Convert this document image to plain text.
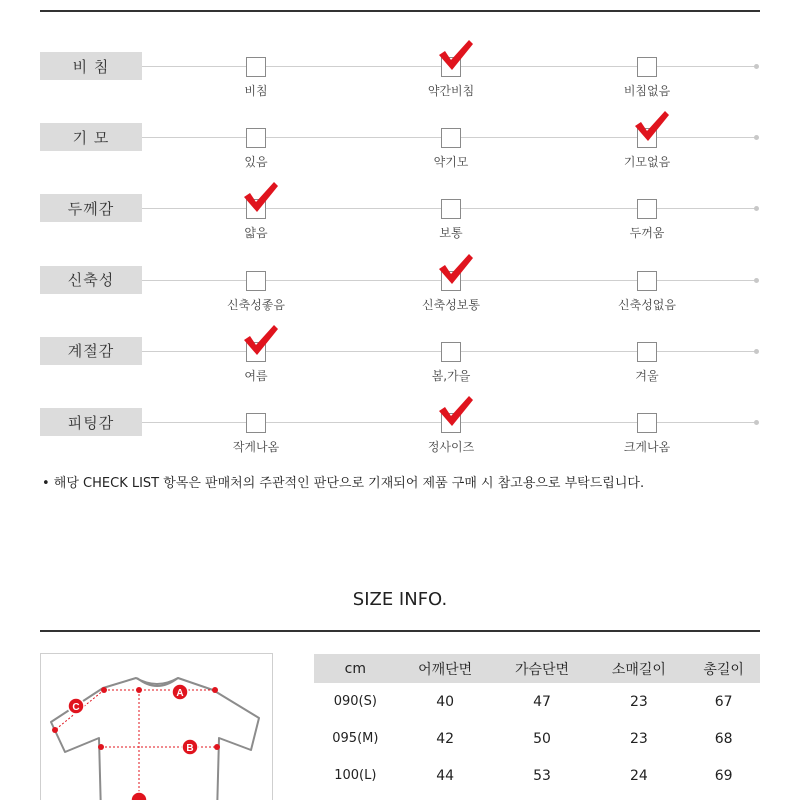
비 침
비침	약간비침	비침없음
기 모
있음	약기모	기모없음
두께감
얇음	보통	두꺼움
신축성
신축성좋음	신축성보통	신축성없음
계절감
여름	봄,가을	겨울
피팅감
작게나옴	정사이즈	크게나옴
• 해당 CHECK LIST 항목은 판매처의 주관적인 판단으로 기재되어 제품 구매 시 참고용으로 부탁드립니다.
SIZE INFO.
A
B
C
cm	어깨단면	가슴단면	소매길이	총길이
090(S)	40	47	23	67
095(M)	42	50	23	68
100(L)	44	53	24	69
